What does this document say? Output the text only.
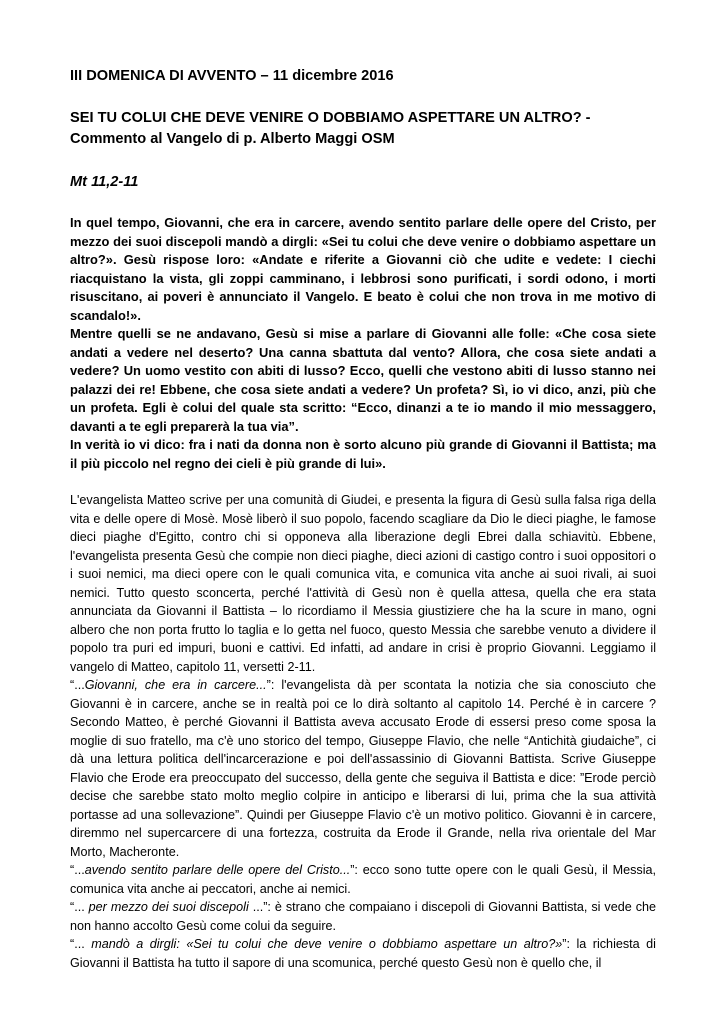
III DOMENICA DI AVVENTO – 11 dicembre 2016
SEI TU COLUI CHE DEVE VENIRE O DOBBIAMO ASPETTARE UN ALTRO? - Commento al Vangelo di p. Alberto Maggi OSM
Mt 11,2-11

In quel tempo, Giovanni, che era in carcere, avendo sentito parlare delle opere del Cristo, per mezzo dei suoi discepoli mandò a dirgli: «Sei tu colui che deve venire o dobbiamo aspettare un altro?». Gesù rispose loro: «Andate e riferite a Giovanni ciò che udite e vedete: I ciechi riacquistano la vista, gli zoppi camminano, i lebbrosi sono purificati, i sordi odono, i morti risuscitano, ai poveri è annunciato il Vangelo. E beato è colui che non trova in me motivo di scandalo!».

Mentre quelli se ne andavano, Gesù si mise a parlare di Giovanni alle folle: «Che cosa siete andati a vedere nel deserto? Una canna sbattuta dal vento? Allora, che cosa siete andati a vedere? Un uomo vestito con abiti di lusso? Ecco, quelli che vestono abiti di lusso stanno nei palazzi dei re! Ebbene, che cosa siete andati a vedere? Un profeta? Sì, io vi dico, anzi, più che un profeta. Egli è colui del quale sta scritto: “Ecco, dinanzi a te io mando il mio messaggero, davanti a te egli preparerà la tua via”.

In verità io vi dico: fra i nati da donna non è sorto alcuno più grande di Giovanni il Battista; ma il più piccolo nel regno dei cieli è più grande di lui».

L'evangelista Matteo scrive per una comunità di Giudei, e presenta la figura di Gesù sulla falsa riga della vita e delle opere di Mosè. Mosè liberò il suo popolo, facendo scagliare da Dio le dieci piaghe, le famose dieci piaghe d'Egitto, contro chi si opponeva alla liberazione degli Ebrei dalla schiavitù. Ebbene, l'evangelista presenta Gesù che compie non dieci piaghe, dieci azioni di castigo contro i suoi oppositori o i suoi nemici, ma dieci opere con le quali comunica vita, e comunica vita anche ai suoi rivali, ai suoi nemici. Tutto questo sconcerta, perché l'attività di Gesù non è quella attesa, quella che era stata annunciata da Giovanni il Battista – lo ricordiamo il Messia giustiziere che ha la scure in mano, ogni albero che non porta frutto lo taglia e lo getta nel fuoco, questo Messia che sarebbe venuto a dividere il popolo tra puri ed impuri, buoni e cattivi. Ed infatti, ad andare in crisi è proprio Giovanni. Leggiamo il vangelo di Matteo, capitolo 11, versetti 2-11.

“...Giovanni, che era in carcere...”: l'evangelista dà per scontata la notizia che sia conosciuto che Giovanni è in carcere, anche se in realtà poi ce lo dirà soltanto al capitolo 14. Perché è in carcere ? Secondo Matteo, è perché Giovanni il Battista aveva accusato Erode di essersi preso come sposa la moglie di suo fratello, ma c'è uno storico del tempo, Giuseppe Flavio, che nelle “Antichità giudaiche”, ci dà una lettura politica dell'incarcerazione e poi dell'assassinio di Giovanni Battista. Scrive Giuseppe Flavio che Erode era preoccupato del successo, della gente che seguiva il Battista e dice: ”Erode perciò decise che sarebbe stato molto meglio colpire in anticipo e liberarsi di lui, prima che la sua attività portasse ad una sollevazione”. Quindi per Giuseppe Flavio c'è un motivo politico. Giovanni è in carcere, diremmo nel supercarcere di una fortezza, costruita da Erode il Grande, nella riva orientale del Mar Morto, Macheronte.

“...avendo sentito parlare delle opere del Cristo...”: ecco sono tutte opere con le quali Gesù, il Messia, comunica vita anche ai peccatori, anche ai nemici.

“... per mezzo dei suoi discepoli ...”: è strano che compaiano i discepoli di Giovanni Battista, si vede che non hanno accolto Gesù come colui da seguire.

“... mandò a dirgli: «Sei tu colui che deve venire o dobbiamo aspettare un altro?»”: la richiesta di Giovanni il Battista ha tutto il sapore di una scomunica, perché questo Gesù non è quello che, il
